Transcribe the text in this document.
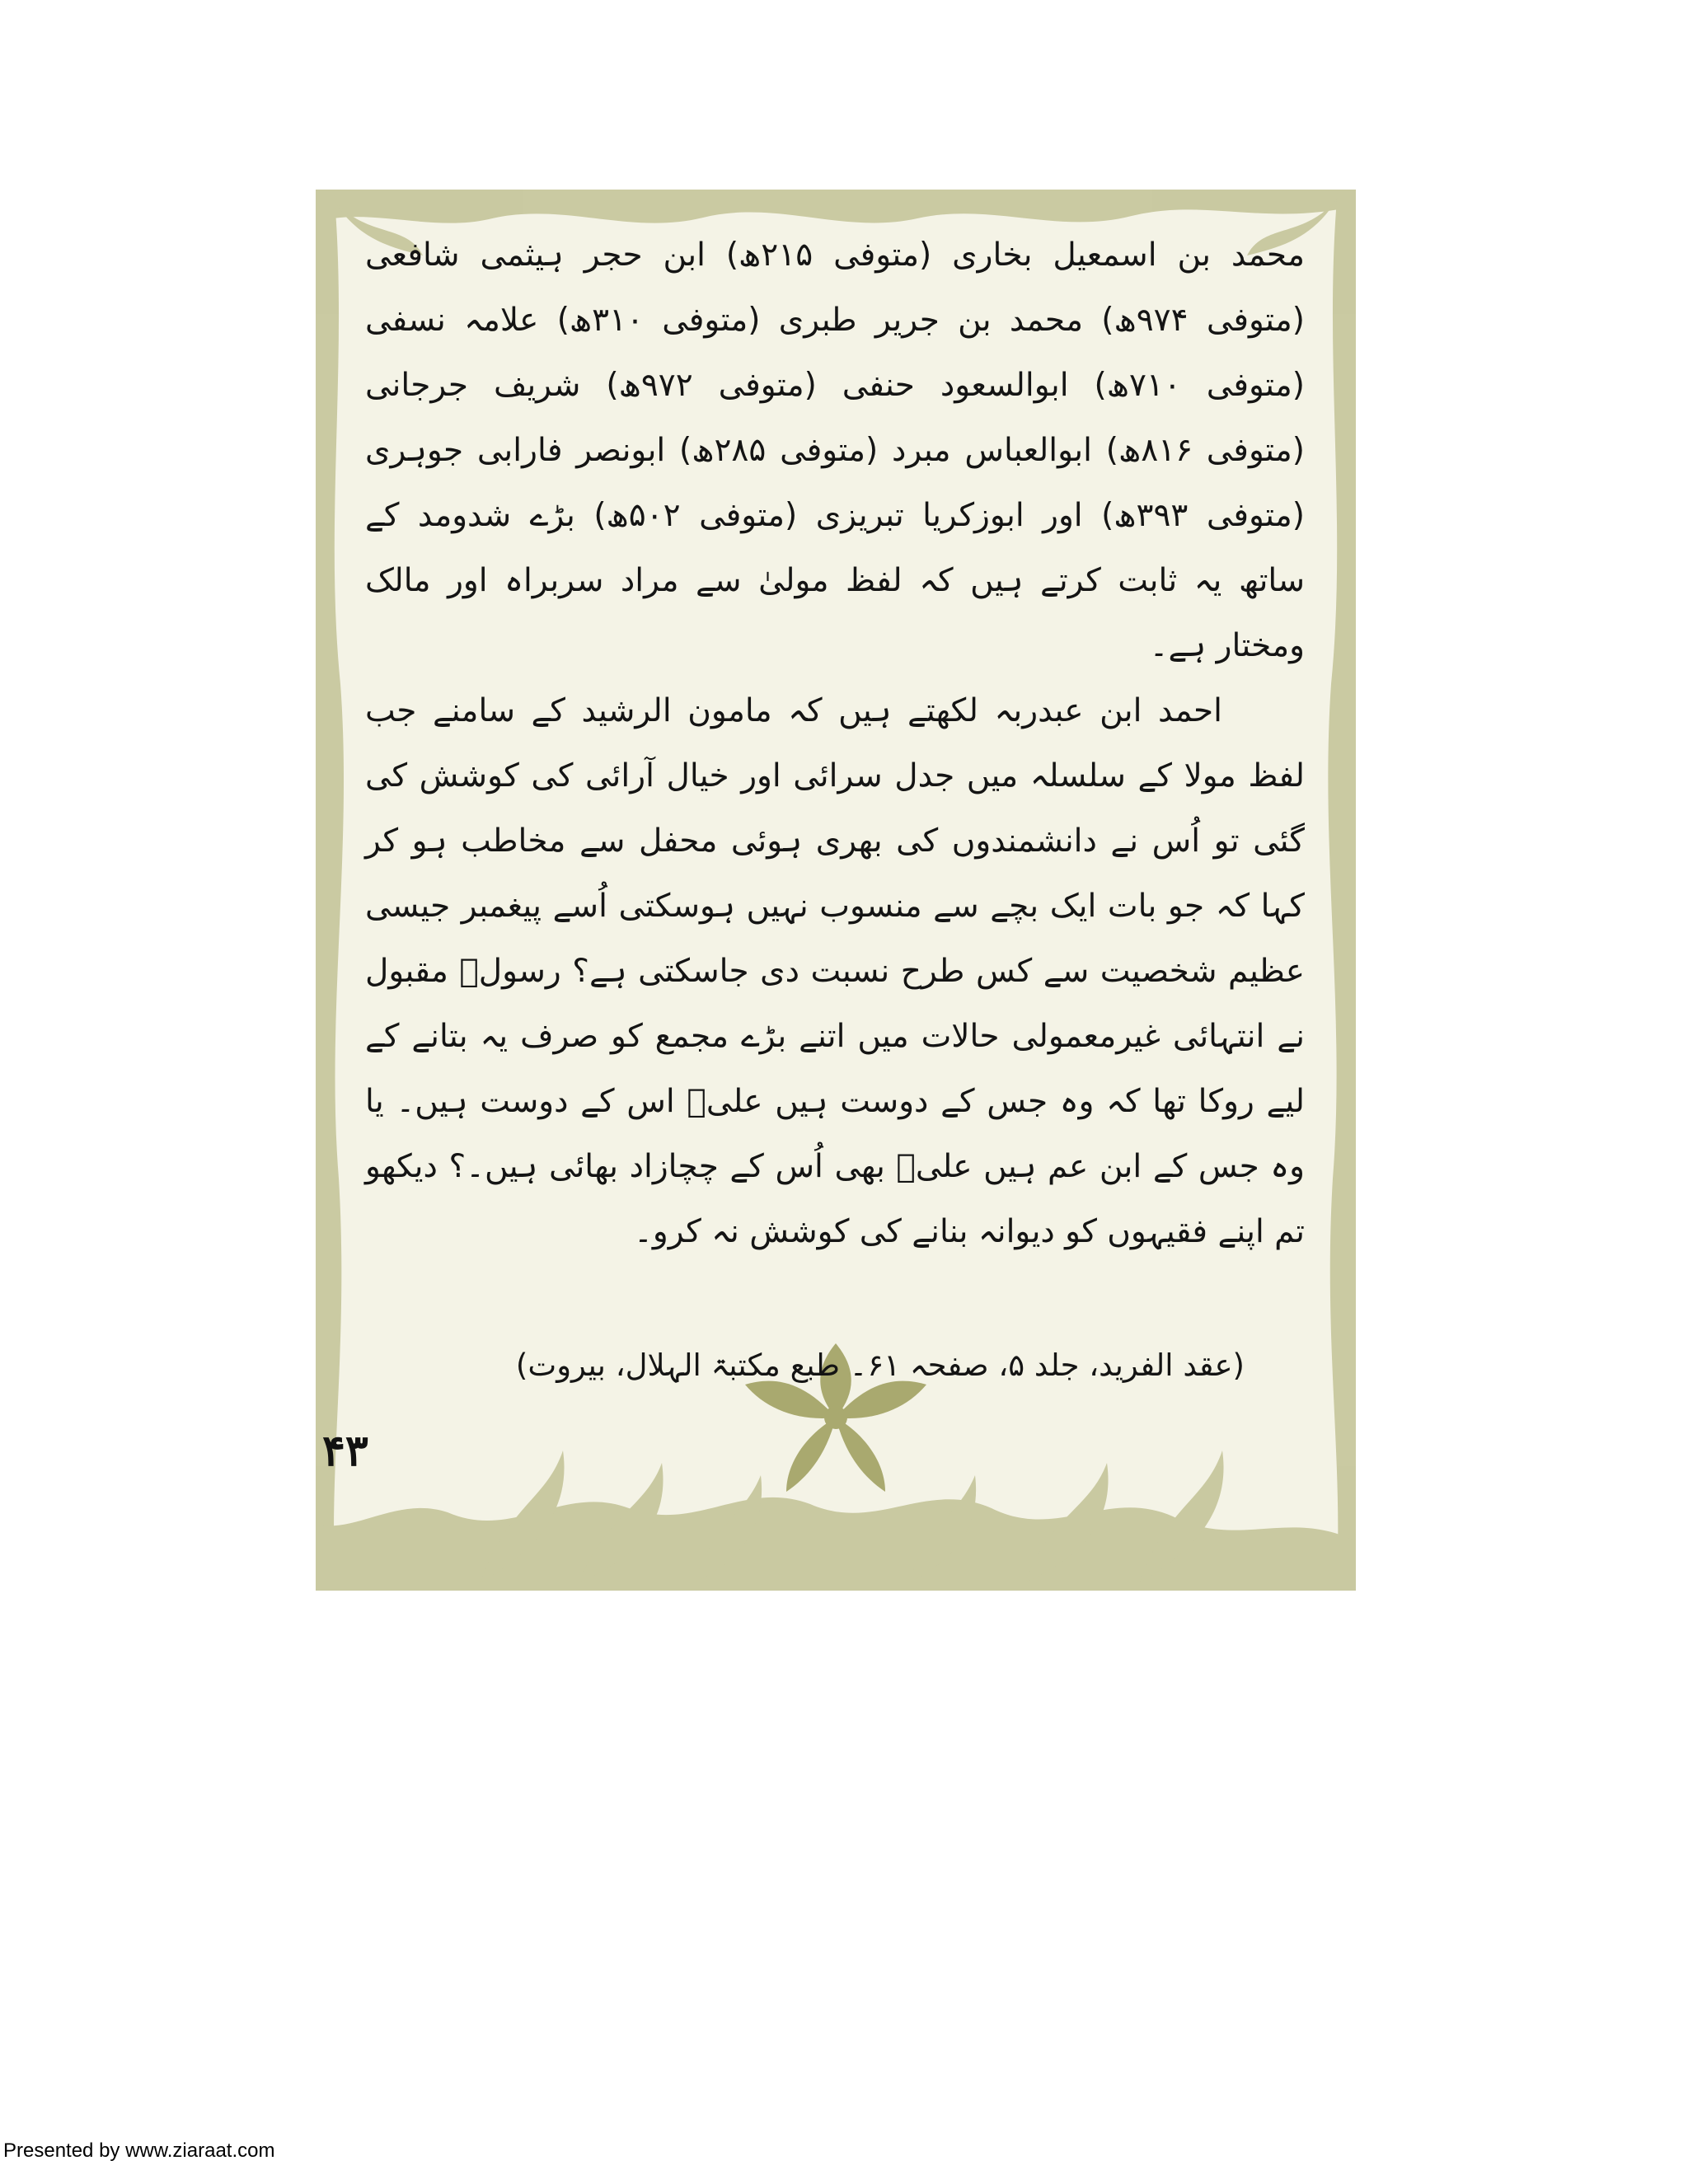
محمد بن اسمعیل بخاری (متوفی ۲۱۵ھ) ابن حجر ہیثمی شافعی (متوفی ۹۷۴ھ) محمد بن جریر طبری (متوفی ۳۱۰ھ) علامہ نسفی (متوفی ۷۱۰ھ) ابوالسعود حنفی (متوفی ۹۷۲ھ) شریف جرجانی (متوفی ۸۱۶ھ) ابوالعباس مبرد (متوفی ۲۸۵ھ) ابونصر فارابی جوہری (متوفی ۳۹۳ھ) اور ابوزکریا تبریزی (متوفی ۵۰۲ھ) بڑے شدومد کے ساتھ یہ ثابت کرتے ہیں کہ لفظ مولیٰ سے مراد سربراہ اور مالک ومختار ہے۔

احمد ابن عبدربہ لکھتے ہیں کہ مامون الرشید کے سامنے جب لفظ مولا کے سلسلہ میں جدل سرائی اور خیال آرائی کی کوشش کی گئی تو اُس نے دانشمندوں کی بھری ہوئی محفل سے مخاطب ہو کر کہا کہ جو بات ایک بچے سے منسوب نہیں ہوسکتی اُسے پیغمبر جیسی عظیم شخصیت سے کس طرح نسبت دی جاسکتی ہے؟ رسولؐ مقبول نے انتہائی غیرمعمولی حالات میں اتنے بڑے مجمع کو صرف یہ بتانے کے لیے روکا تھا کہ وہ جس کے دوست ہیں علیؑ اس کے دوست ہیں۔ یا وہ جس کے ابن عم ہیں علیؑ بھی اُس کے چچازاد بھائی ہیں۔؟ دیکھو تم اپنے فقیہوں کو دیوانہ بنانے کی کوشش نہ کرو۔

(عقد الفرید، جلد ۵، صفحہ ۶۱۔ طبع مکتبۃ الہلال، بیروت)
۴۳
Presented by www.ziaraat.com
